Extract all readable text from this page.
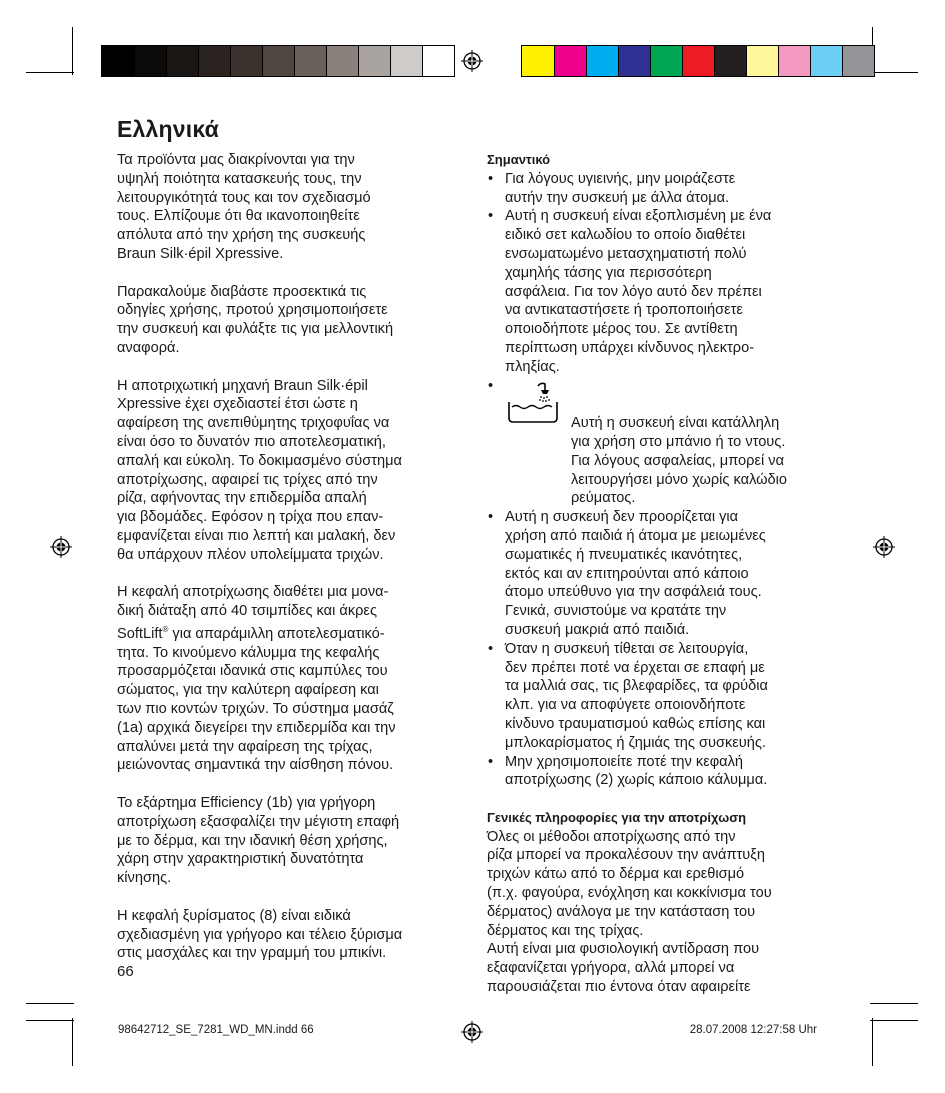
Ελληνικά

Τα προϊόντα μας διακρίνονται για την
υψηλή ποιότητα κατασκευής τους, την
λειτουργικότητά τους και τον σχεδιασμό
τους. Ελπίζουμε ότι θα ικανοποιηθείτε
απόλυτα από την χρήση της συσκευής
Braun Silk·épil Xpressive.

Παρακαλούμε διαβάστε προσεκτικά τις
οδηγίες χρήσης, προτού χρησιμοποιήσετε
την συσκευή και φυλάξτε τις για μελλοντική
αναφορά.

Η αποτριχωτική μηχανή Braun Silk·épil
Xpressive έχει σχεδιαστεί έτσι ώστε η
αφαίρεση της ανεπιθύμητης τριχοφυΐας να
είναι όσο το δυνατόν πιο αποτελεσματική,
απαλή και εύκολη. Το δοκιμασμένο σύστημα
αποτρίχωσης, αφαιρεί τις τρίχες από την
ρίζα, αφήνοντας την επιδερμίδα απαλή
για βδομάδες. Εφόσον η τρίχα που επαν-
εμφανίζεται είναι πιο λεπτή και μαλακή, δεν
θα υπάρχουν πλέον υπολείμματα τριχών.

Η κεφαλή αποτρίχωσης διαθέτει μια μονα-
δική διάταξη από 40 τσιμπίδες και άκρες
SoftLift® για απαράμιλλη αποτελεσματικό-
τητα. Το κινούμενο κάλυμμα της κεφαλής
προσαρμόζεται ιδανικά στις καμπύλες του
σώματος, για την καλύτερη αφαίρεση και
των πιο κοντών τριχών. Το σύστημα μασάζ
(1a) αρχικά διεγείρει την επιδερμίδα και την
απαλύνει μετά την αφαίρεση της τρίχας,
μειώνοντας σημαντικά την αίσθηση πόνου.

Το εξάρτημα Efficiency (1b) για γρήγορη
αποτρίχωση εξασφαλίζει την μέγιστη επαφή
με το δέρμα, και την ιδανική θέση χρήσης,
χάρη στην χαρακτηριστική δυνατότητα
κίνησης.

Η κεφαλή ξυρίσματος (8) είναι ειδικά
σχεδιασμένη για γρήγορο και τέλειο ξύρισμα
στις μασχάλες και την γραμμή του μπικίνι.

Σημαντικό
• Για λόγους υγιεινής, μην μοιράζεστε
αυτήν την συσκευή με άλλα άτομα.
• Αυτή η συσκευή είναι εξοπλισμένη με ένα
ειδικό σετ καλωδίου το οποίο διαθέτει
ενσωματωμένο μετασχηματιστή πολύ
χαμηλής τάσης για περισσότερη
ασφάλεια. Για τον λόγο αυτό δεν πρέπει
να αντικαταστήσετε ή τροποποιήσετε
οποιοδήποτε μέρος του. Σε αντίθετη
περίπτωση υπάρχει κίνδυνος ηλεκτρο-
πληξίας.

• Αυτή η συσκευή είναι κατάλληλη
για χρήση στο μπάνιο ή το ντους.
Για λόγους ασφαλείας, μπορεί να
λειτουργήσει μόνο χωρίς καλώδιο
ρεύματος.

• Αυτή η συσκευή δεν προορίζεται για
χρήση από παιδιά ή άτομα με μειωμένες
σωματικές ή πνευματικές ικανότητες,
εκτός και αν επιτηρούνται από κάποιο
άτομο υπεύθυνο για την ασφάλειά τους.
Γενικά, συνιστούμε να κρατάτε την
συσκευή μακριά από παιδιά.
• Όταν η συσκευή τίθεται σε λειτουργία,
δεν πρέπει ποτέ να έρχεται σε επαφή με
τα μαλλιά σας, τις βλεφαρίδες, τα φρύδια
κλπ. για να αποφύγετε οποιονδήποτε
κίνδυνο τραυματισμού καθώς επίσης και
μπλοκαρίσματος ή ζημιάς της συσκευής.
• Μην χρησιμοποιείτε ποτέ την κεφαλή
αποτρίχωσης (2) χωρίς κάποιο κάλυμμα.
Γενικές πληροφορίες για την αποτρίχωση

Όλες οι μέθοδοι αποτρίχωσης από την
ρίζα μπορεί να προκαλέσουν την ανάπτυξη
τριχών κάτω από το δέρμα και ερεθισμό
(π.χ. φαγούρα, ενόχληση και κοκκίνισμα του
δέρματος) ανάλογα με την κατάσταση του
δέρματος και της τρίχας.

Αυτή είναι μια φυσιολογική αντίδραση που
εξαφανίζεται γρήγορα, αλλά μπορεί να
παρουσιάζεται πιο έντονα όταν αφαιρείτε

66
98642712_SE_7281_WD_MN.indd 66	28.07.2008 12:27:58 Uhr
